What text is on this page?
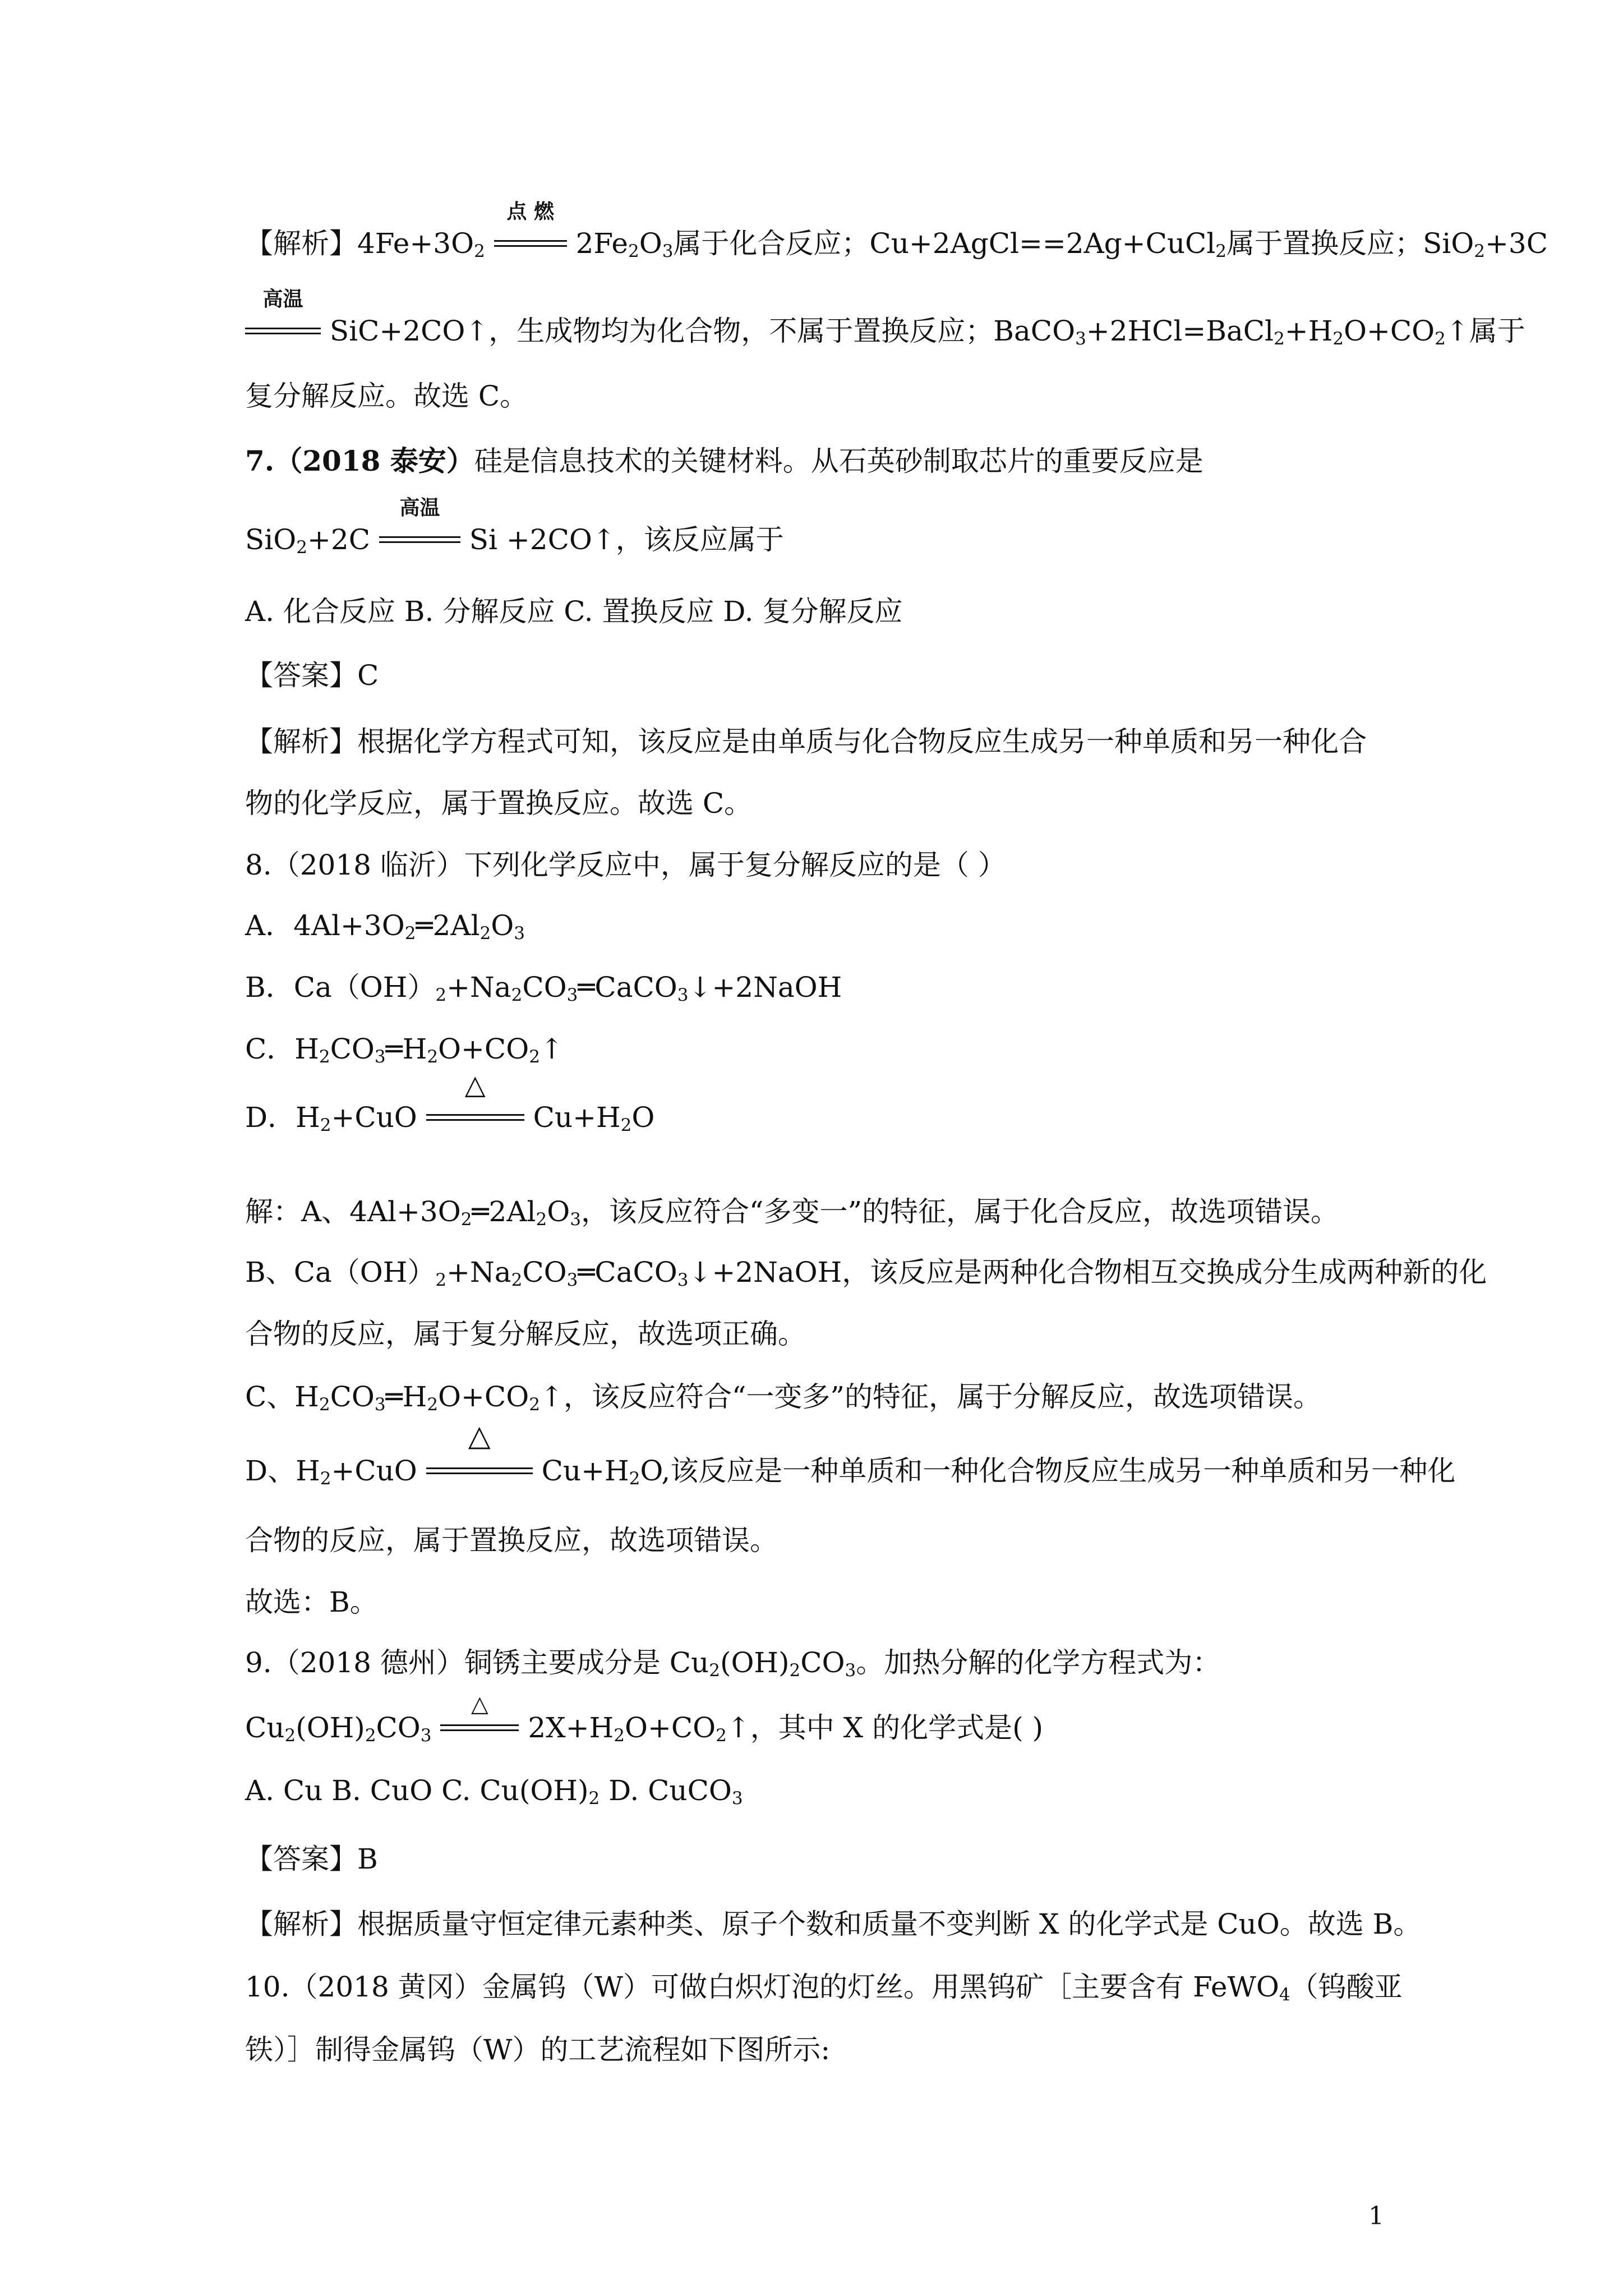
【解析】$4Fe+3O_2$
点 燃
$2Fe_2O_3$属于化合反应；Cu+2AgCl==2Ag+CuCl$_2$属于置换反应；SiO$_2$+3C
高温
SiC+2CO↑，生成物均为化合物，不属于置换反应；$BaCO_3+2HCl=BaCl_2+H_2O+CO_2↑$属于
复分解反应。故选 C。
7.（2018 泰安）硅是信息技术的关键材料。从石英砂制取芯片的重要反应是
SiO$_2$+2C
高温
Si +2CO↑，该反应属于
A. 化合反应 B. 分解反应 C. 置换反应 D. 复分解反应
【答案】C
【解析】根据化学方程式可知，该反应是由单质与化合物反应生成另一种单质和另一种化合
物的化学反应，属于置换反应。故选 C。
8.（2018 临沂）下列化学反应中，属于复分解反应的是（ ）
A．$4Al+3O_2═2Al_2O_3$
B．$Ca(OH)_2+Na_2CO_3═CaCO_3↓+2NaOH$
C．$H_2CO_3═H_2O+CO_2↑$
D．$H_2+CuO$
△
$Cu+H_2O$
解：A、$4Al+3O_2═2Al_2O_3$，该反应符合“多变一”的特征，属于化合反应，故选项错误。
B、$Ca(OH)_2+Na_2CO_3═CaCO_3↓+2NaOH$，该反应是两种化合物相互交换成分生成两种新的化
合物的反应，属于复分解反应，故选项正确。
C、$H_2CO_3═H_2O+CO_2↑$，该反应符合“一变多”的特征，属于分解反应，故选项错误。
D、$H_2+CuO$
△
$Cu+H_2O$,该反应是一种单质和一种化合物反应生成另一种单质和另一种化
合物的反应，属于置换反应，故选项错误。
故选：B。
9.（2018 德州）铜锈主要成分是 $Cu_2(OH)_2CO_3$。加热分解的化学方程式为：
$Cu_2(OH)_2CO_3$
△
$2X+H_2O+CO_2↑$，其中 X 的化学式是( )
A. Cu B. CuO C. $Cu(OH)_2$ D. CuCO$_3$
【答案】B
【解析】根据质量守恒定律元素种类、原子个数和质量不变判断 X 的化学式是 CuO。故选 B。
10.（2018 黄冈）金属钨（W）可做白炽灯泡的灯丝。用黑钨矿［主要含有 FeWO$_4$（钨酸亚
铁）］制得金属钨（W）的工艺流程如下图所示:
1
